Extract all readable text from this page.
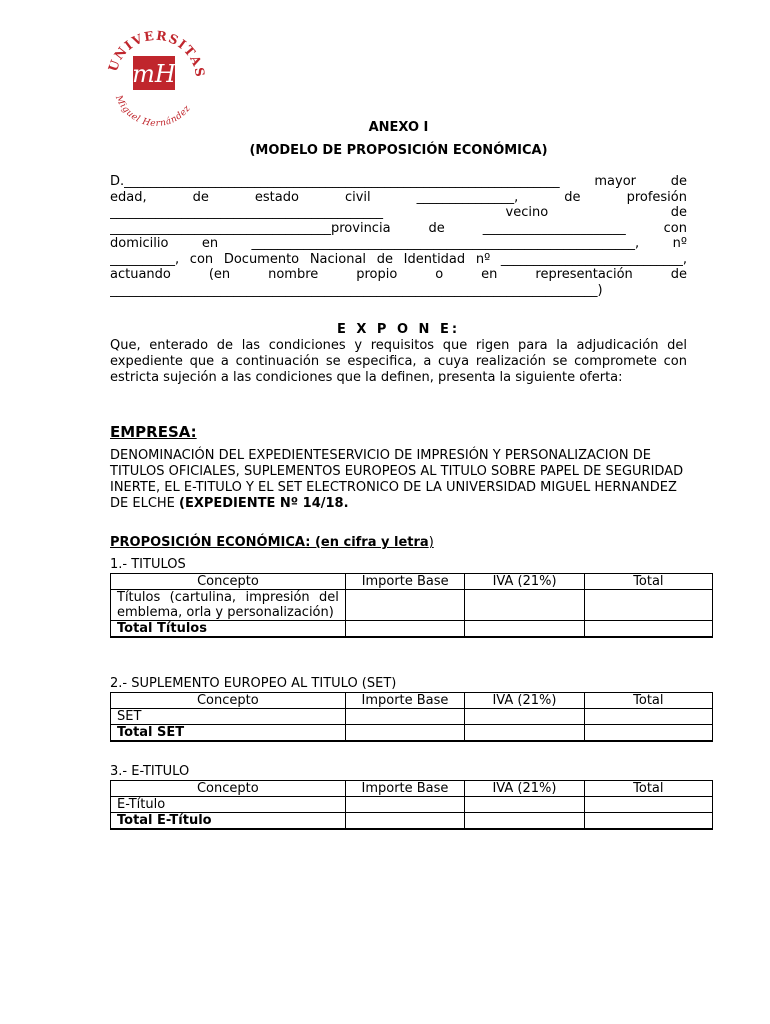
UNIVERSITAS
Miguel Hernández
mH
ANEXO I
(MODELO DE PROPOSICIÓN ECONÓMICA)
D.___________________________________________________________________ mayor de
edad, de estado civil _______________, de profesión
__________________________________________ vecino de
__________________________________provincia de ______________________ con
domicilio en ___________________________________________________________, nº
__________, con Documento Nacional de Identidad nº ____________________________,
actuando (en nombre propio o en representación de
___________________________________________________________________________)
E X P O N E:
Que, enterado de las condiciones y requisitos que rigen para la adjudicación del expediente que a continuación se especifica, a cuya realización se compromete con estricta sujeción a las condiciones que la definen, presenta la siguiente oferta:
EMPRESA:
DENOMINACIÓN DEL EXPEDIENTESERVICIO DE IMPRESIÓN Y PERSONALIZACION DE TITULOS OFICIALES, SUPLEMENTOS EUROPEOS AL TITULO SOBRE PAPEL DE SEGURIDAD INERTE, EL E-TITULO Y EL SET ELECTRONICO DE LA UNIVERSIDAD MIGUEL HERNANDEZ DE ELCHE (EXPEDIENTE Nº 14/18.
PROPOSICIÓN ECONÓMICA: (en cifra y letra)
1.- TITULOS
Concepto	Importe Base	IVA (21%)	Total
Títulos (cartulina, impresión del emblema, orla y personalización)			
Total Títulos			
2.- SUPLEMENTO EUROPEO AL TITULO (SET)
Concepto	Importe Base	IVA (21%)	Total
SET			
Total SET			
3.- E-TITULO
Concepto	Importe Base	IVA (21%)	Total
E-Título			
Total E-Título			
